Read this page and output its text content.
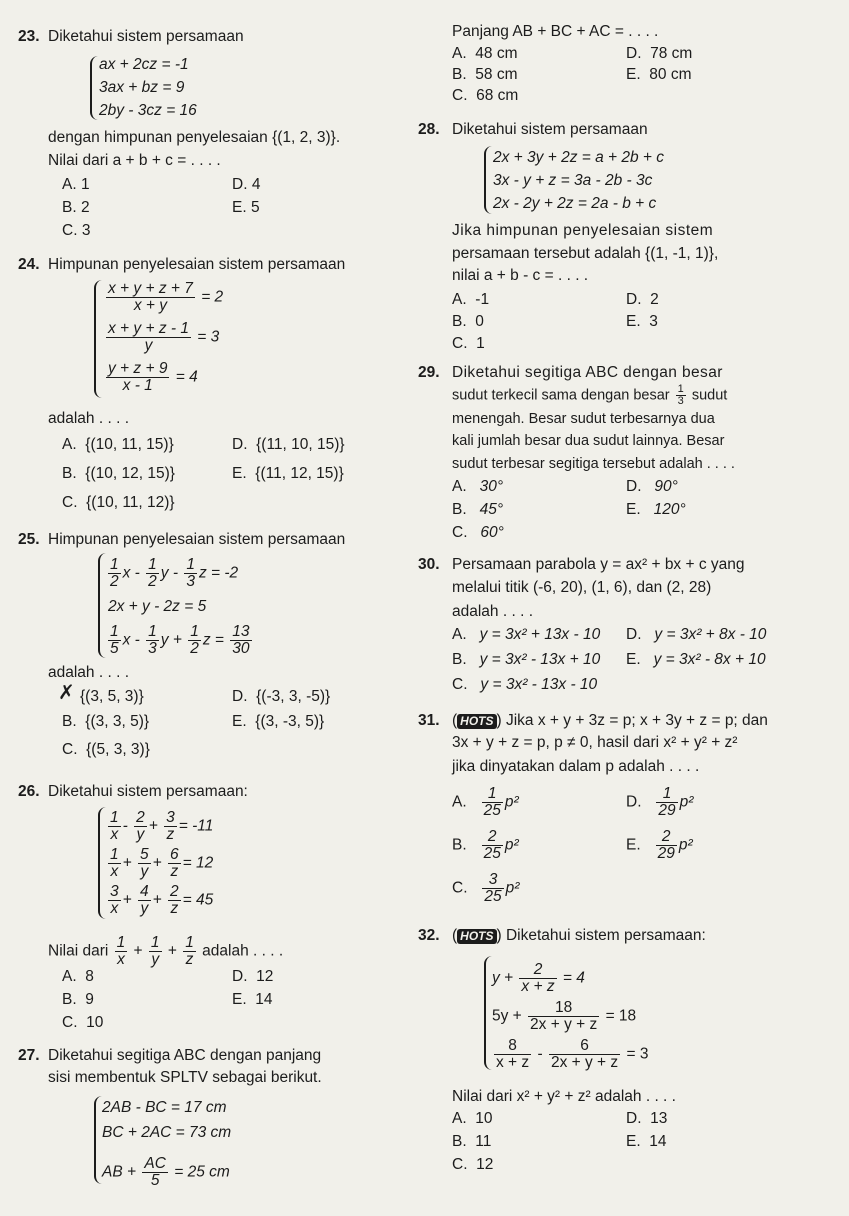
23. Diketahui sistem persamaan
ax + 2cz = -1
3ax + bz = 9
2by - 3cz = 16
dengan himpunan penyelesaian {(1, 2, 3)}.
Nilai dari a + b + c = . . . .
A. 1	D. 4
B. 2	E. 5
C. 3
24. Himpunan penyelesaian sistem persamaan
$\frac{x + y + z + 7}{x + y} = 2$
$\frac{x + y + z - 1}{y} = 3$
$\frac{y + z + 9}{x - 1} = 4$
adalah . . . .
A. {(10, 11, 15)}	D. {(11, 10, 15)}
B. {(10, 12, 15)}	E. {(11, 12, 15)}
C. {(10, 11, 12)}
25. Himpunan penyelesaian sistem persamaan
$\frac{1}{2}$ x - $\frac{1}{2}$ y - $\frac{1}{3}$ z = -2
2x + y - 2z = 5
$\frac{1}{5}$ x - $\frac{1}{3}$ $y + \frac{1}{2}$ $z = \frac{13}{30}$
adalah . . . .
✗ {(3, 5, 3)}	D. {(-3, 3, -5)}
B. {(3, 3, 5)}	E. {(3, -3, 5)}
C. {(5, 3, 3)}
26. Diketahui sistem persamaan:
$\frac{1}{x} - \frac{2}{y} + \frac{3}{z} = -11$
$\frac{1}{x} + \frac{5}{y} + \frac{6}{z} = 12$
$\frac{3}{x} + \frac{4}{y} + \frac{2}{z} = 45$
Nilai dari $\frac{1}{x} + \frac{1}{y} + \frac{1}{z}$ adalah . . . .
A. 8	D. 12
B. 9	E. 14
C. 10
27. Diketahui segitiga ABC dengan panjang
sisi membentuk SPLTV sebagai berikut.
2AB - BC = 17 cm
BC + 2AC = 73 cm
AB + $\frac{AC}{5} = 25$ cm
Panjang AB + BC + AC = . . . .
A. 48 cm	D. 78 cm
B. 58 cm	E. 80 cm
C. 68 cm
28. Diketahui sistem persamaan
2x + 3y + 2z = a + 2b + c
3x - y + z = 3a - 2b - 3c
2x - 2y + 2z = 2a - b + c
Jika himpunan penyelesaian sistem
persamaan tersebut adalah {(1, -1, 1)},
nilai a + b - c = . . . .
A. -1	D. 2
B. 0	E. 3
C. 1
29. Diketahui segitiga ABC dengan besar
sudut terkecil sama dengan besar $\frac{1}{3}$ sudut
menengah. Besar sudut terbesarnya dua
kali jumlah besar dua sudut lainnya. Besar
sudut terbesar segitiga tersebut adalah . . . .
A. 30°	D. 90°
B. 45°	E. 120°
C. 60°
30. Persamaan parabola y = ax² + bx + c yang
melalui titik (-6, 20), (1, 6), dan (2, 28)
adalah . . . .
A. y = 3x² + 13x - 10 D. y = 3x² + 8x - 10
B. y = 3x² - 13x + 10 E. y = 3x² - 8x + 10
C. y = 3x² - 13x - 10
31. ( HOTS ) Jika x + y + 3z = p; x + 3y + z = p; dan
3x + y + z = p, p ≠ 0, hasil dari x² + y² + z²
jika dinyatakan dalam p adalah . . . .
A. $\frac{1}{25} p^2$	D. $\frac{1}{29} p^2$
B. $\frac{2}{25} p^2$	E. $\frac{2}{29} p^2$
C. $\frac{3}{25} p^2$
32. ( HOTS ) Diketahui sistem persamaan:
$y + \frac{2}{x + z} = 4$
$5y + \frac{18}{2x + y + z} = 18$
$\frac{8}{x + z} - \frac{6}{2x + y + z} = 3$
Nilai dari x² + y² + z² adalah . . . .
A. 10	D. 13
B. 11	E. 14
C. 12
